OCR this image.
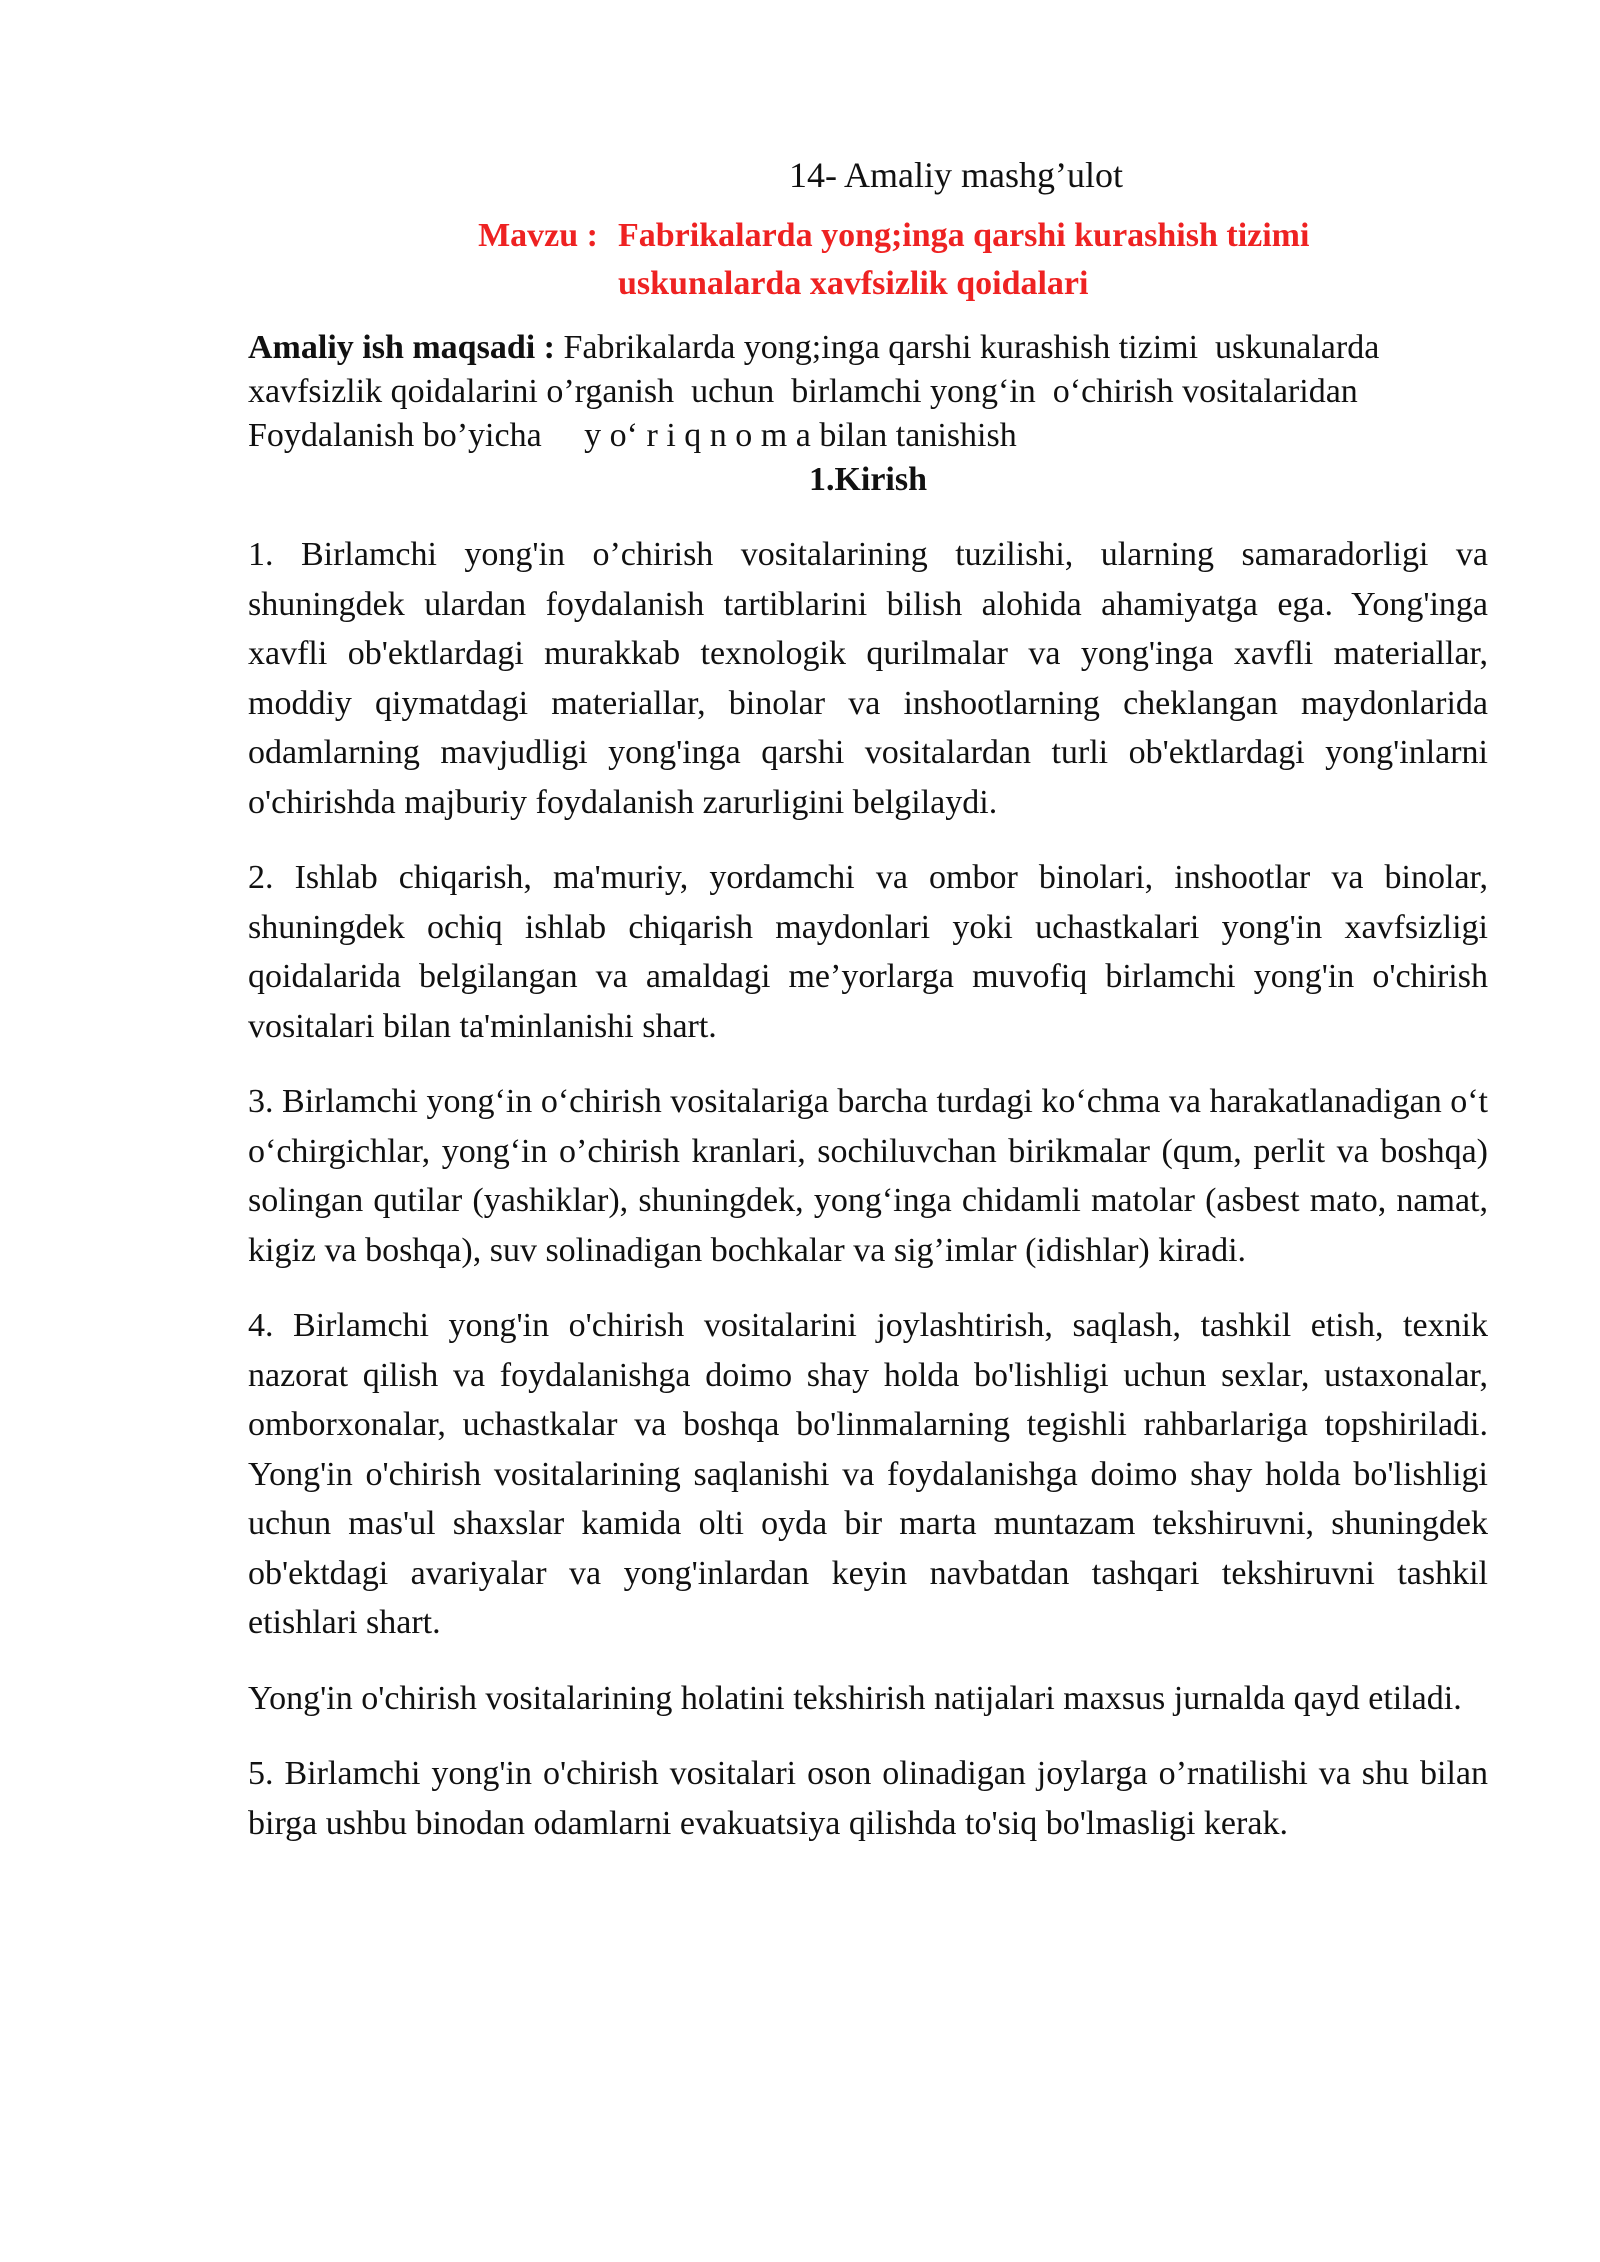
14- Amaliy mashg’ulot
Mavzu : Fabrikalarda yong;inga qarshi kurashish tizimi uskunalarda xavfsizlik qoidalari

Amaliy ish maqsadi : Fabrikalarda yong;inga qarshi kurashish tizimi  uskunalarda xavfsizlik qoidalarini o’rganish  uchun  birlamchi yong‘in  o‘chirish vositalaridan Foydalanish bo’yicha     y o‘ r i q n o m a bilan tanishish

1.Kirish

1. Birlamchi yong'in o’chirish vositalarining tuzilishi, ularning samaradorligi va shuningdek ulardan foydalanish tartiblarini bilish alohida ahamiyatga ega. Yong'inga xavfli ob'ektlardagi murakkab texnologik qurilmalar va yong'inga xavfli materiallar, moddiy qiymatdagi materiallar, binolar va inshootlarning cheklangan maydonlarida odamlarning mavjudligi yong'inga qarshi vositalardan turli ob'ektlardagi yong'inlarni o'chirishda majburiy foydalanish zarurligini belgilaydi.

2. Ishlab chiqarish, ma'muriy, yordamchi va ombor binolari, inshootlar va binolar, shuningdek ochiq ishlab chiqarish maydonlari yoki uchastkalari yong'in xavfsizligi qoidalarida belgilangan va amaldagi me’yorlarga muvofiq birlamchi yong'in o'chirish vositalari bilan ta'minlanishi shart.

3. Birlamchi yong‘in o‘chirish vositalariga barcha turdagi ko‘chma va harakatlanadigan o‘t o‘chirgichlar, yong‘in o’chirish kranlari, sochiluvchan birikmalar (qum, perlit va boshqa) solingan qutilar (yashiklar), shuningdek, yong‘inga chidamli matolar (asbest mato, namat, kigiz va boshqa), suv solinadigan bochkalar va sig’imlar (idishlar) kiradi.

4. Birlamchi yong'in o'chirish vositalarini joylashtirish, saqlash, tashkil etish, texnik nazorat qilish va foydalanishga doimo shay holda bo'lishligi uchun sexlar, ustaxonalar, omborxonalar, uchastkalar va boshqa bo'linmalarning tegishli rahbarlariga topshiriladi. Yong'in o'chirish vositalarining saqlanishi va foydalanishga doimo shay holda bo'lishligi uchun mas'ul shaxslar kamida olti oyda bir marta muntazam tekshiruvni, shuningdek ob'ektdagi avariyalar va yong'inlardan keyin navbatdan tashqari tekshiruvni tashkil etishlari shart.

Yong'in o'chirish vositalarining holatini tekshirish natijalari maxsus jurnalda qayd etiladi.

5. Birlamchi yong'in o'chirish vositalari oson olinadigan joylarga o’rnatilishi va shu bilan birga ushbu binodan odamlarni evakuatsiya qilishda to'siq bo'lmasligi kerak.
